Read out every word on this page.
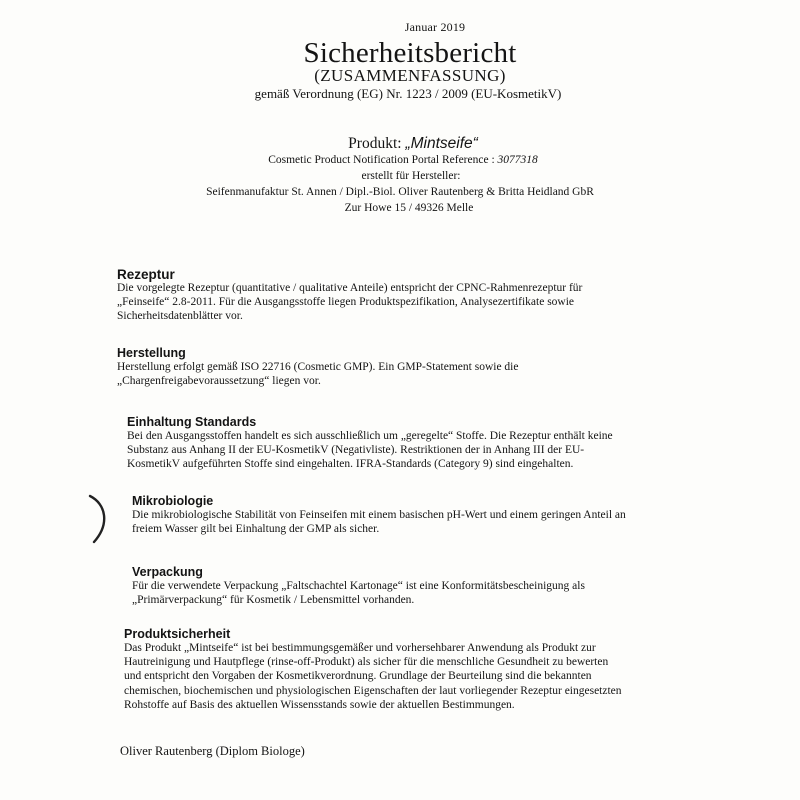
Januar 2019
Sicherheitsbericht
(ZUSAMMENFASSUNG)
gemäß Verordnung (EG) Nr. 1223 / 2009 (EU-KosmetikV)
Produkt: „Mintseife“
Cosmetic Product Notification Portal Reference : 3077318
erstellt für Hersteller:
Seifenmanufaktur St. Annen / Dipl.-Biol. Oliver Rautenberg & Britta Heidland GbR
Zur Howe 15 / 49326 Melle
Rezeptur

Die vorgelegte Rezeptur (quantitative / qualitative Anteile) entspricht der CPNC-Rahmenrezeptur für

„Feinseife“ 2.8-2011. Für die Ausgangsstoffe liegen Produktspezifikation, Analysezertifikate sowie

Sicherheitsdatenblätter vor.

Herstellung

Herstellung erfolgt gemäß ISO 22716 (Cosmetic GMP). Ein GMP-Statement sowie die

„Chargenfreigabevoraussetzung“ liegen vor.

Einhaltung Standards

Bei den Ausgangsstoffen handelt es sich ausschließlich um „geregelte“ Stoffe. Die Rezeptur enthält keine

Substanz aus Anhang II der EU-KosmetikV (Negativliste). Restriktionen der in Anhang III der EU-

KosmetikV aufgeführten Stoffe sind eingehalten. IFRA-Standards (Category 9) sind eingehalten.

Mikrobiologie

Die mikrobiologische Stabilität von Feinseifen mit einem basischen pH-Wert und einem geringen Anteil an

freiem Wasser gilt bei Einhaltung der GMP als sicher.

Verpackung

Für die verwendete Verpackung „Faltschachtel Kartonage“ ist eine Konformitätsbescheinigung als

„Primärverpackung“ für Kosmetik / Lebensmittel vorhanden.

Produktsicherheit

Das Produkt „Mintseife“ ist bei bestimmungsgemäßer und vorhersehbarer Anwendung als Produkt zur

Hautreinigung und Hautpflege (rinse-off-Produkt) als sicher für die menschliche Gesundheit zu bewerten

und entspricht den Vorgaben der Kosmetikverordnung. Grundlage der Beurteilung sind die bekannten

chemischen, biochemischen und physiologischen Eigenschaften der laut vorliegender Rezeptur eingesetzten

Rohstoffe auf Basis des aktuellen Wissensstands sowie der aktuellen Bestimmungen.

Oliver Rautenberg (Diplom Biologe)
